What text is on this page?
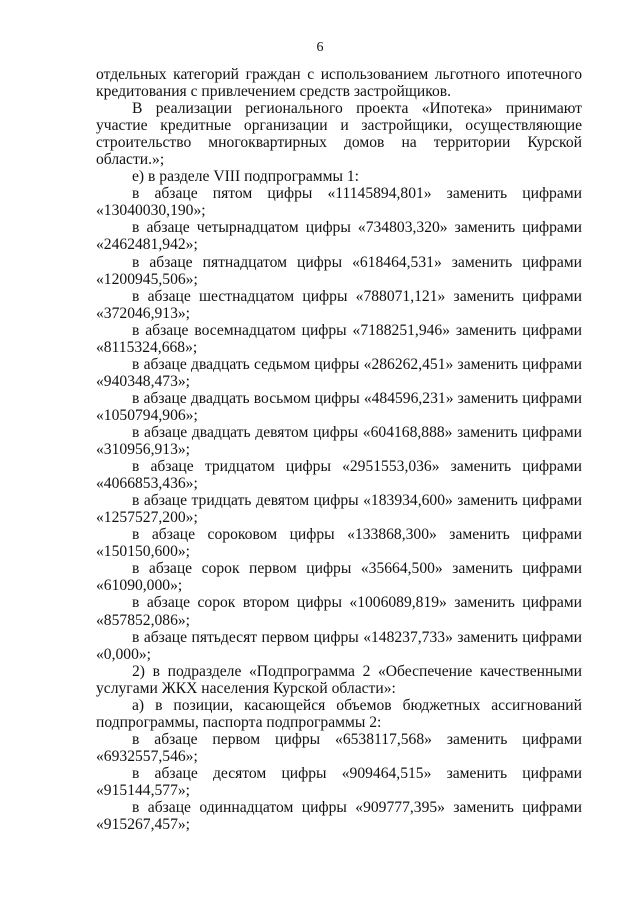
6

отдельных категорий граждан с использованием льготного ипотечного кредитования с привлечением средств застройщиков.

В реализации регионального проекта «Ипотека» принимают участие кредитные организации и застройщики, осуществляющие строительство многоквартирных домов на территории Курской области.»;

е) в разделе VIII подпрограммы 1:

в абзаце пятом цифры «11145894,801» заменить цифрами «13040030,190»;

в абзаце четырнадцатом цифры «734803,320» заменить цифрами «2462481,942»;

в абзаце пятнадцатом цифры «618464,531» заменить цифрами «1200945,506»;

в абзаце шестнадцатом цифры «788071,121» заменить цифрами «372046,913»;

в абзаце восемнадцатом цифры «7188251,946» заменить цифрами «8115324,668»;

в абзаце двадцать седьмом цифры «286262,451» заменить цифрами «940348,473»;

в абзаце двадцать восьмом цифры «484596,231» заменить цифрами «1050794,906»;

в абзаце двадцать девятом цифры «604168,888» заменить цифрами «310956,913»;

в абзаце тридцатом цифры «2951553,036» заменить цифрами «4066853,436»;

в абзаце тридцать девятом цифры «183934,600» заменить цифрами «1257527,200»;

в абзаце сороковом цифры «133868,300» заменить цифрами «150150,600»;

в абзаце сорок первом цифры «35664,500» заменить цифрами «61090,000»;

в абзаце сорок втором цифры «1006089,819» заменить цифрами «857852,086»;

в абзаце пятьдесят первом цифры «148237,733» заменить цифрами «0,000»;

2) в подразделе «Подпрограмма 2 «Обеспечение качественными услугами ЖКХ населения Курской области»:

а) в позиции, касающейся объемов бюджетных ассигнований подпрограммы, паспорта подпрограммы 2:

в абзаце первом цифры «6538117,568» заменить цифрами «6932557,546»;

в абзаце десятом цифры «909464,515» заменить цифрами «915144,577»;

в абзаце одиннадцатом цифры «909777,395» заменить цифрами «915267,457»;
